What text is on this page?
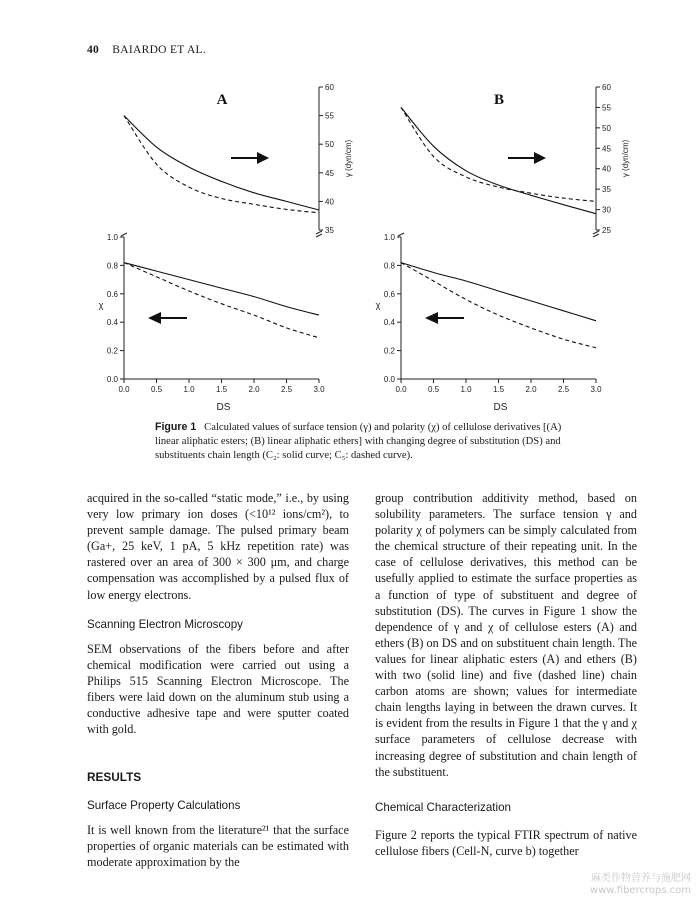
40 BAIARDO ET AL.
A
35
40
45
50
55
60
γ (dyn/cm)
0.0
0.2
0.4
0.6
0.8
1.0
χ
0.0	0.5	1.0	1.5	2.0	2.5	3.0
DS
B
25
30
35
40
45
50
55
60
γ (dyn/cm)
0.0
0.2
0.4
0.6
0.8
1.0
χ
0.0	0.5	1.0	1.5	2.0	2.5	3.0
DS
Figure 1 Calculated values of surface tension (γ) and polarity (χ) of cellulose derivatives [(A) linear aliphatic esters; (B) linear aliphatic ethers] with changing degree of substitution (DS) and substituents chain length (C₂: solid curve; C₅: dashed curve).

acquired in the so-called “static mode,” i.e., by using very low primary ion doses (<10¹² ions/cm²), to prevent sample damage. The pulsed primary beam (Ga+, 25 keV, 1 pA, 5 kHz repetition rate) was rastered over an area of 300 × 300 μm, and charge compensation was accomplished by a pulsed flux of low energy electrons.

Scanning Electron Microscopy

SEM observations of the fibers before and after chemical modification were carried out using a Philips 515 Scanning Electron Microscope. The fibers were laid down on the aluminum stub using a conductive adhesive tape and were sputter coated with gold.

RESULTS
Surface Property Calculations

It is well known from the literature²¹ that the surface properties of organic materials can be estimated with moderate approximation by the

group contribution additivity method, based on solubility parameters. The surface tension γ and polarity χ of polymers can be simply calculated from the chemical structure of their repeating unit. In the case of cellulose derivatives, this method can be usefully applied to estimate the surface properties as a function of type of substituent and degree of substitution (DS). The curves in Figure 1 show the dependence of γ and χ of cellulose esters (A) and ethers (B) on DS and on substituent chain length. The values for linear aliphatic esters (A) and ethers (B) with two (solid line) and five (dashed line) chain carbon atoms are shown; values for intermediate chain lengths laying in between the drawn curves. It is evident from the results in Figure 1 that the γ and χ surface parameters of cellulose decrease with increasing degree of substitution and chain length of the substituent.

Chemical Characterization

Figure 2 reports the typical FTIR spectrum of native cellulose fibers (Cell-N, curve b) together

麻类作物营养与施肥网
www.fibercrops.com
